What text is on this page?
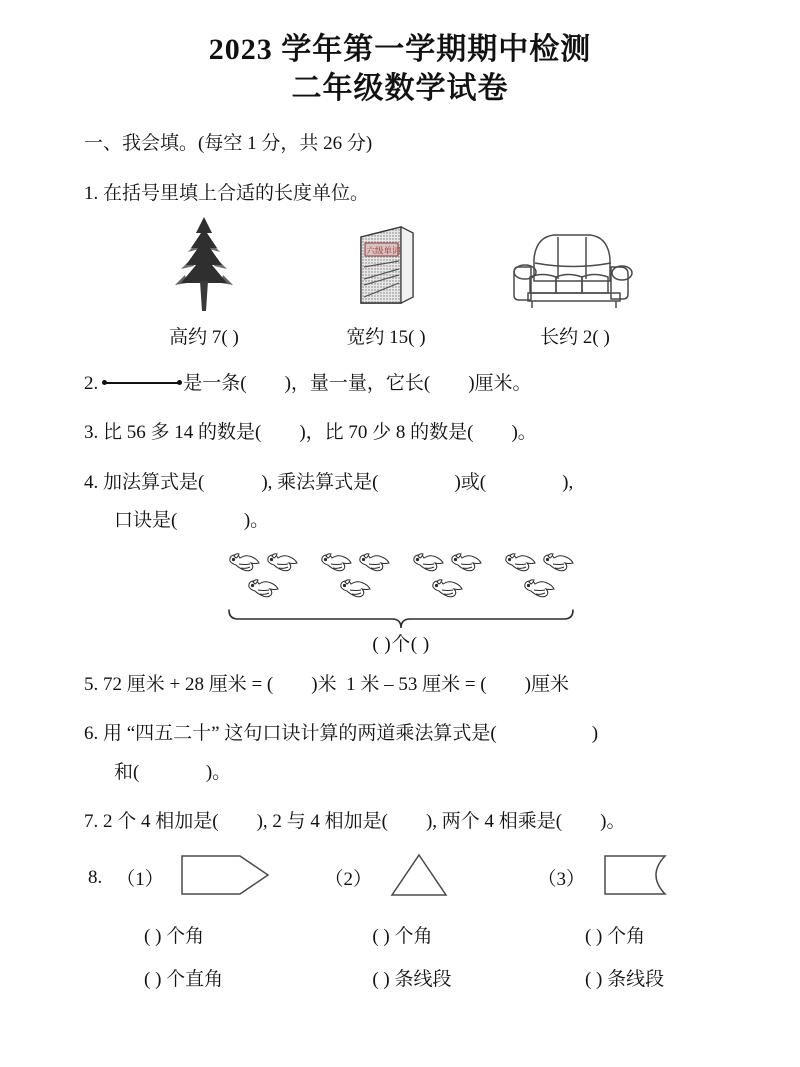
2023 学年第一学期期中检测
二年级数学试卷
一、我会填。(每空 1 分，共 26 分)
1. 在括号里填上合适的长度单位。
六级单词
高约 7( )	宽约 15( )	长约 2( )
2.	是一条(        )，量一量，它长(        )厘米。
3. 比 56 多 14 的数是(        )，比 70 少 8 的数是(        )。
4. 加法算式是(            ), 乘法算式是(                )或(                ),
口诀是(              )。
( )个( )
5. 72 厘米 + 28 厘米 = (        )米  1 米 – 53 厘米 = (        )厘米
6. 用 “四五二十” 这句口诀计算的两道乘法算式是(                    )
和(              )。
7. 2 个 4 相加是(        ), 2 与 4 相加是(        ), 两个 4 相乘是(        )。
8. （1）	（2）	（3）
( ) 个角	( ) 个角	( ) 个角
( ) 个直角	( ) 条线段	( ) 条线段
